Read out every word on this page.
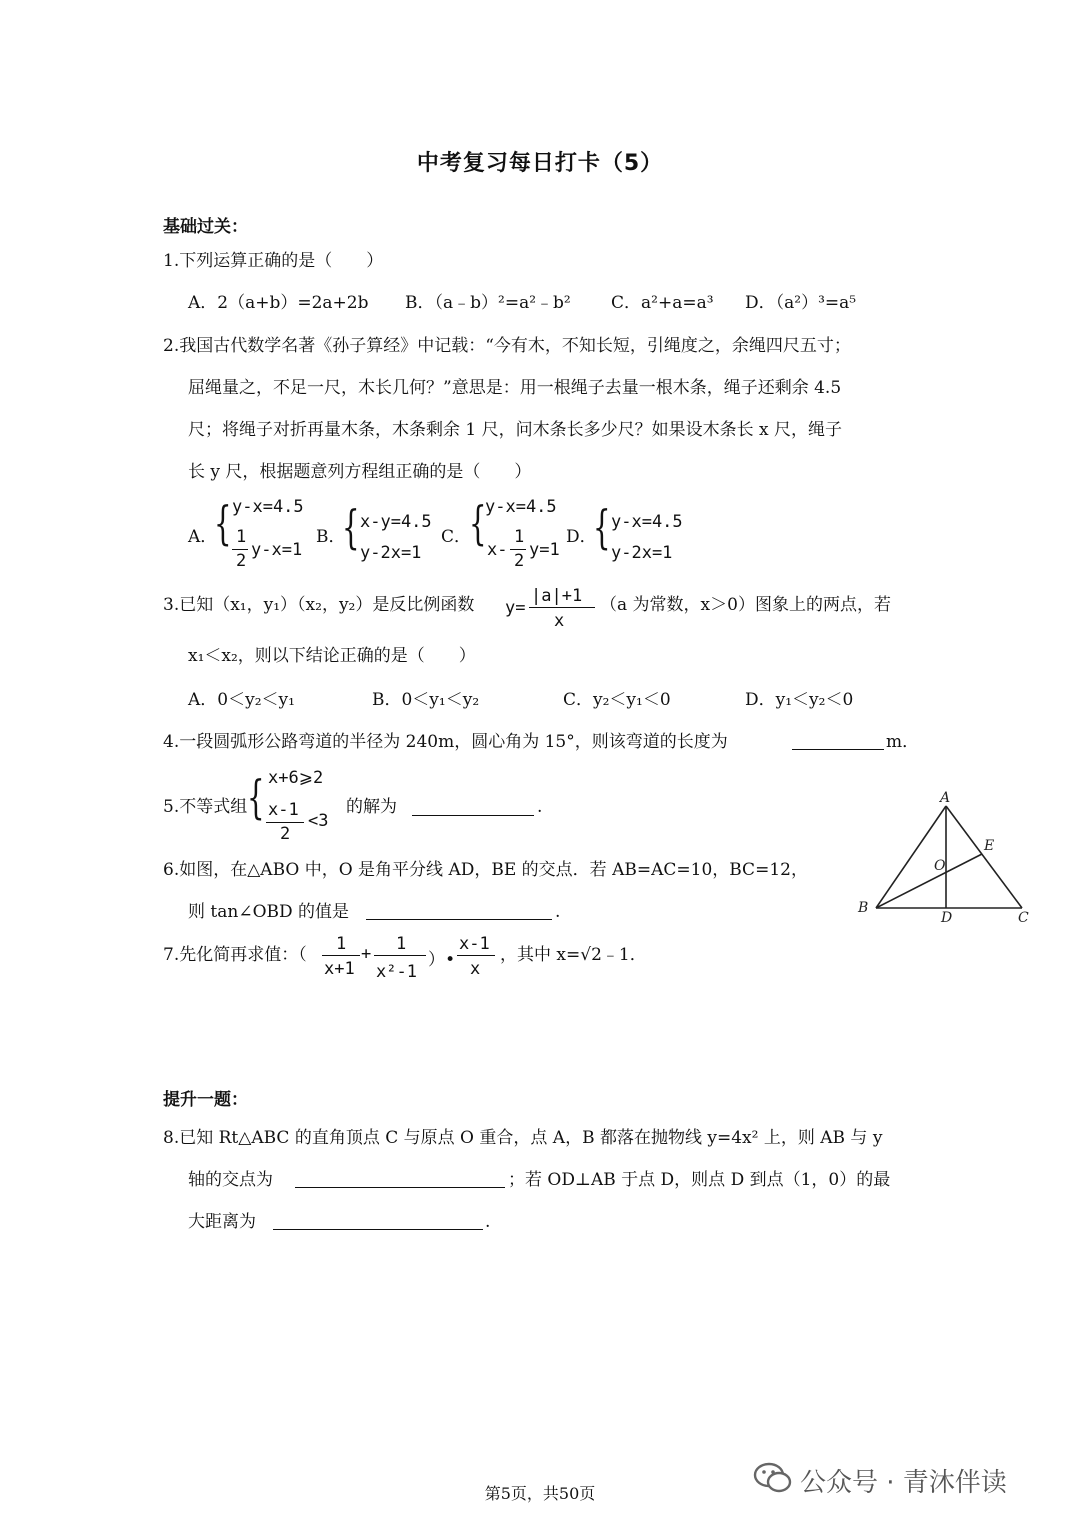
中考复习每日打卡（5）
基础过关：
1.下列运算正确的是（　　）
A．2（a+b）=2a+2b B．（a﹣b）²=a²﹣b² C．a²+a=a³ D．（a²）³=a⁵
2.我国古代数学名著《孙子算经》中记载：“今有木，不知长短，引绳度之，余绳四尺五寸；
屈绳量之，不足一尺，木长几何？”意思是：用一根绳子去量一根木条，绳子还剩余 4.5
尺；将绳子对折再量木条，木条剩余 1 尺，问木条长多少尺？如果设木条长 x 尺，绳子
长 y 尺，根据题意列方程组正确的是（　　）
A．
{ y-x=4.5
1
2
y-x=1
B．
{ x-y=4.5
y-2x=1
C．
{
y-x=4.5
x-
1
2
y=1
D．
{ y-x=4.5
y-2x=1
3.已知（x₁，y₁）（x₂，y₂）是反比例函数 y=
|a|+1
x
（a 为常数，x＞0）图象上的两点，若
x₁＜x₂，则以下结论正确的是（　　）
A．0＜y₂＜y₁	B．0＜y₁＜y₂	C．y₂＜y₁＜0	D．y₁＜y₂＜0
4.一段圆弧形公路弯道的半径为 240m，圆心角为 15°，则该弯道的长度为	m．
5.不等式组 { x+6⩾2
x-1
2
<3
的解为	.
6.如图，在△ABO 中，O 是角平分线 AD，BE 的交点．若 AB=AC=10，BC=12，
则 tan∠OBD 的值是	.
A
B
C
D
E
O
7.先化简再求值：（
1
x+1
+ 1
x²-1
）•
x-1
x
，其中 x=√2﹣1．
提升一题：
8.已知 Rt△ABC 的直角顶点 C 与原点 O 重合，点 A，B 都落在抛物线 y=4x² 上，则 AB 与 y
轴的交点为	；若 OD⊥AB 于点 D，则点 D 到点（1，0）的最
大距离为	.
第5页，共50页	公众号 · 青沐伴读
